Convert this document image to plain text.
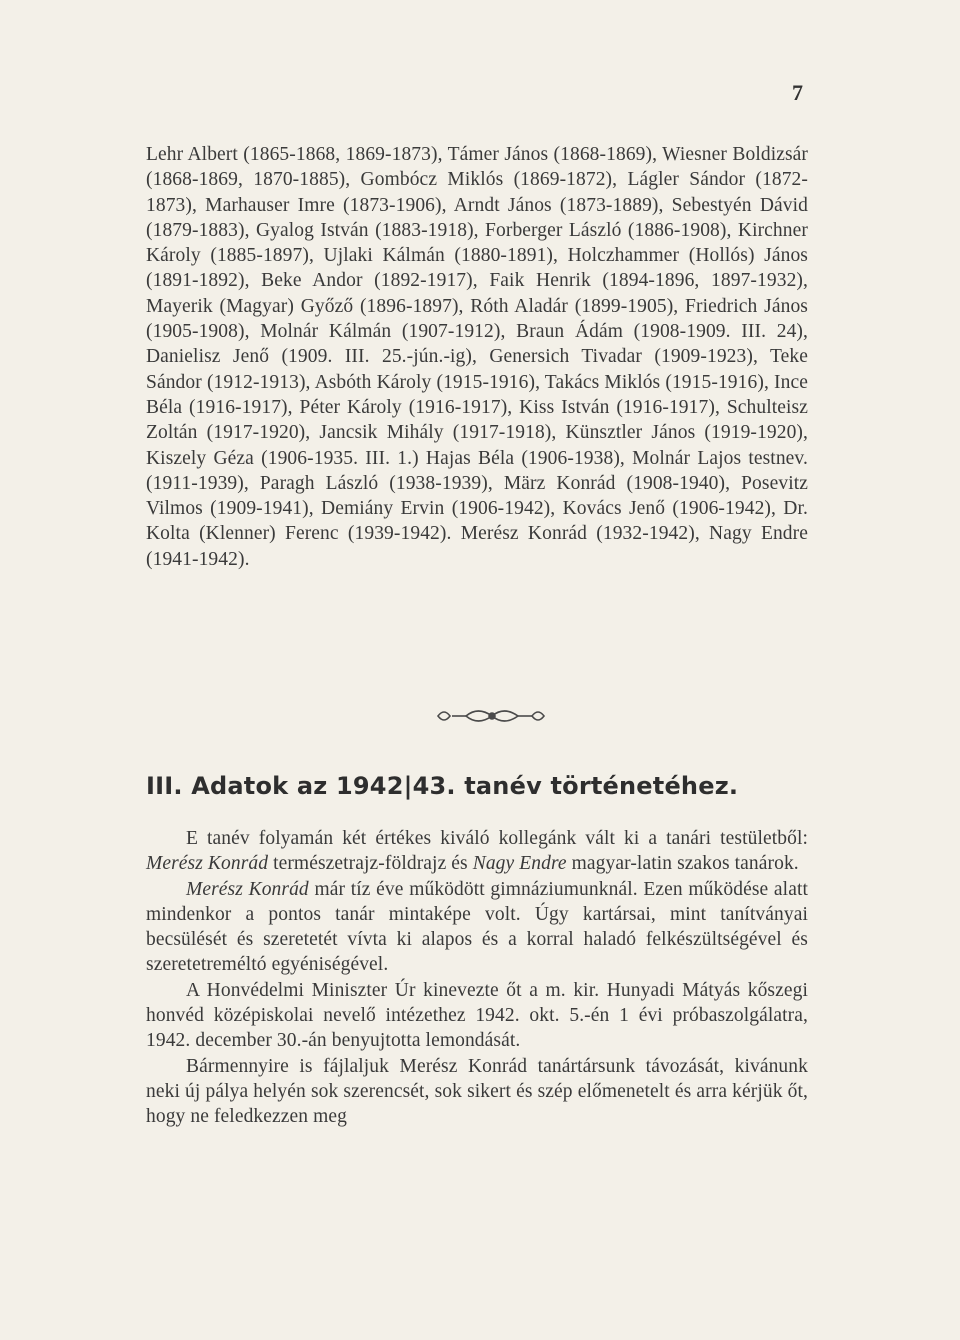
7

Lehr Albert (1865-1868, 1869-1873), Támer János (1868-1869), Wiesner Boldizsár (1868-1869, 1870-1885), Gombócz Miklós (1869-1872), Lágler Sándor (1872-1873), Marhauser Imre (1873-1906), Arndt János (1873-1889), Sebestyén Dávid (1879-1883), Gyalog István (1883-1918), Forberger László (1886-1908), Kirchner Károly (1885-1897), Ujlaki Kálmán (1880-1891), Holczhammer (Hollós) János (1891-1892), Beke Andor (1892-1917), Faik Henrik (1894-1896, 1897-1932), Mayerik (Magyar) Győző (1896-1897), Róth Aladár (1899-1905), Friedrich János (1905-1908), Molnár Kálmán (1907-1912), Braun Ádám (1908-1909. III. 24), Danielisz Jenő (1909. III. 25.-jún.-ig), Genersich Tivadar (1909-1923), Teke Sándor (1912-1913), Asbóth Károly (1915-1916), Takács Miklós (1915-1916), Ince Béla (1916-1917), Péter Károly (1916-1917), Kiss István (1916-1917), Schulteisz Zoltán (1917-1920), Jancsik Mihály (1917-1918), Künsztler János (1919-1920), Kiszely Géza (1906-1935. III. 1.) Hajas Béla (1906-1938), Molnár Lajos testnev. (1911-1939), Paragh László (1938-1939), März Konrád (1908-1940), Posevitz Vilmos (1909-1941), Demiány Ervin (1906-1942), Kovács Jenő (1906-1942), Dr. Kolta (Klenner) Ferenc (1939-1942). Merész Konrád (1932-1942), Nagy Endre (1941-1942).

III. Adatok az 1942|43. tanév történetéhez.

E tanév folyamán két értékes kiváló kollegánk vált ki a tanári testületből: Merész Konrád természetrajz-földrajz és Nagy Endre magyar-latin szakos tanárok.

Merész Konrád már tíz éve működött gimnáziumunknál. Ezen működése alatt mindenkor a pontos tanár mintaképe volt. Úgy kartársai, mint tanítványai becsülését és szeretetét vívta ki alapos és a korral haladó felkészültségével és szeretetreméltó egyéniségével.

A Honvédelmi Miniszter Úr kinevezte őt a m. kir. Hunyadi Mátyás kőszegi honvéd középiskolai nevelő intézethez 1942. okt. 5.-én 1 évi próbaszolgálatra, 1942. december 30.-án benyujtotta lemondását.

Bármennyire is fájlaljuk Merész Konrád tanártársunk távozását, kivánunk neki új pálya helyén sok szerencsét, sok sikert és szép előmenetelt és arra kérjük őt, hogy ne feledkezzen meg
